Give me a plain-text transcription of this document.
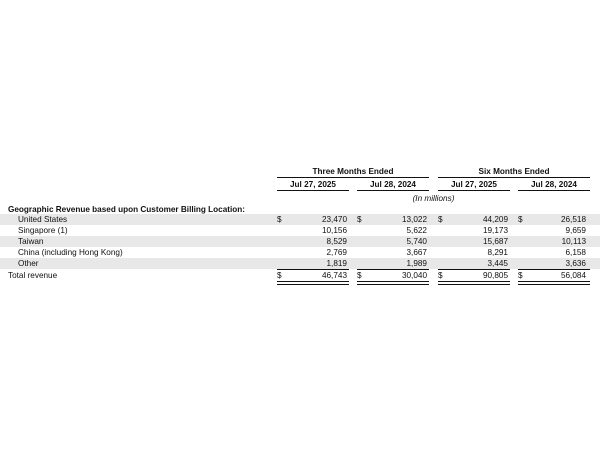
Three Months Ended	Six Months Ended
Jul 27, 2025	Jul 28, 2024	Jul 27, 2025	Jul 28, 2024
(In millions)
Geographic Revenue based upon Customer Billing Location:
United States	$	23,470 $	13,022 $	44,209 $	26,518
Singapore (1)	10,156	5,622	19,173	9,659
Taiwan	8,529	5,740	15,687	10,113
China (including Hong Kong)	2,769	3,667	8,291	6,158
Other	1,819	1,989	3,445	3,636
Total revenue	$	46,743 $	30,040 $	90,805 $	56,084
